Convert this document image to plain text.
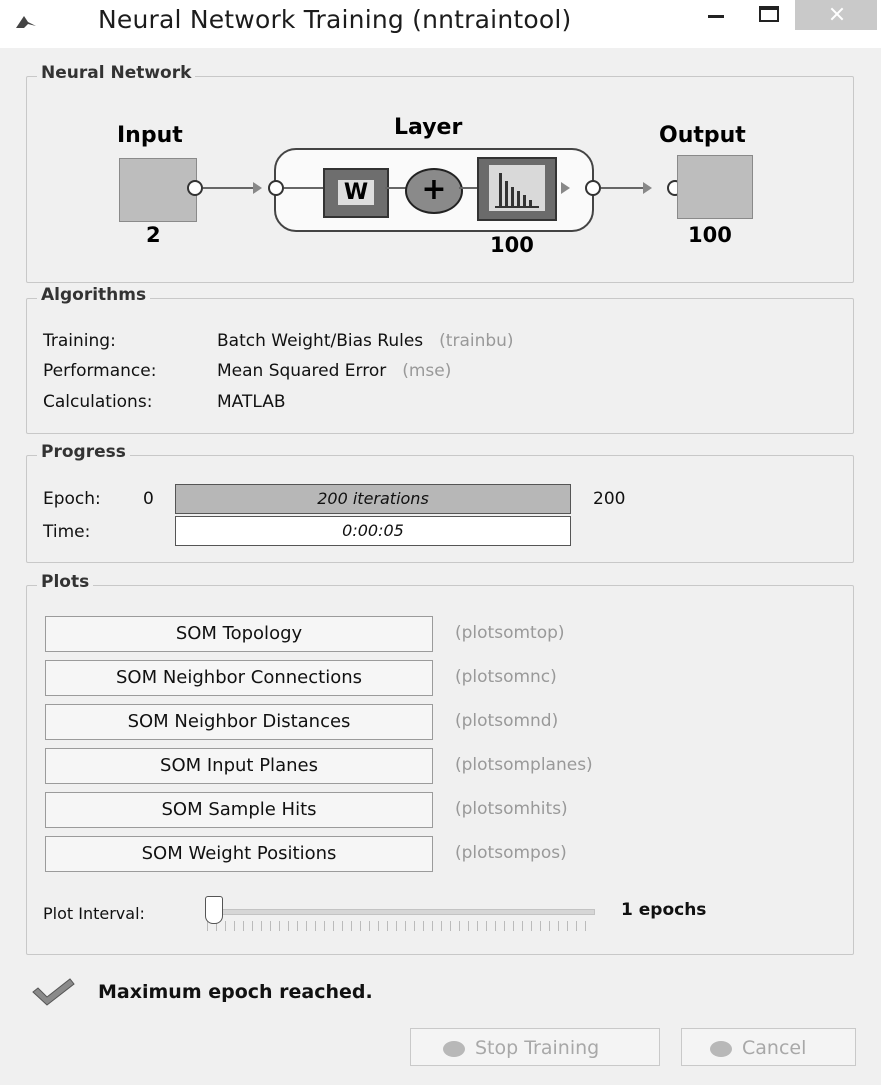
Neural Network Training (nntraintool)
Neural Network
Input
2
Layer
W	+
100
Output
100
Algorithms
Training:	Batch Weight/Bias Rules (trainbu)
Performance:	Mean Squared Error (mse)
Calculations:	MATLAB
Progress
Epoch: 0	200 iterations	200
Time:	0:00:05
Plots
SOM Topology	(plotsomtop)
SOM Neighbor Connections	(plotsomnc)
SOM Neighbor Distances	(plotsomnd)
SOM Input Planes	(plotsomplanes)
SOM Sample Hits	(plotsomhits)
SOM Weight Positions	(plotsompos)
Plot Interval:	1 epochs
Maximum epoch reached.
Stop Training	Cancel
